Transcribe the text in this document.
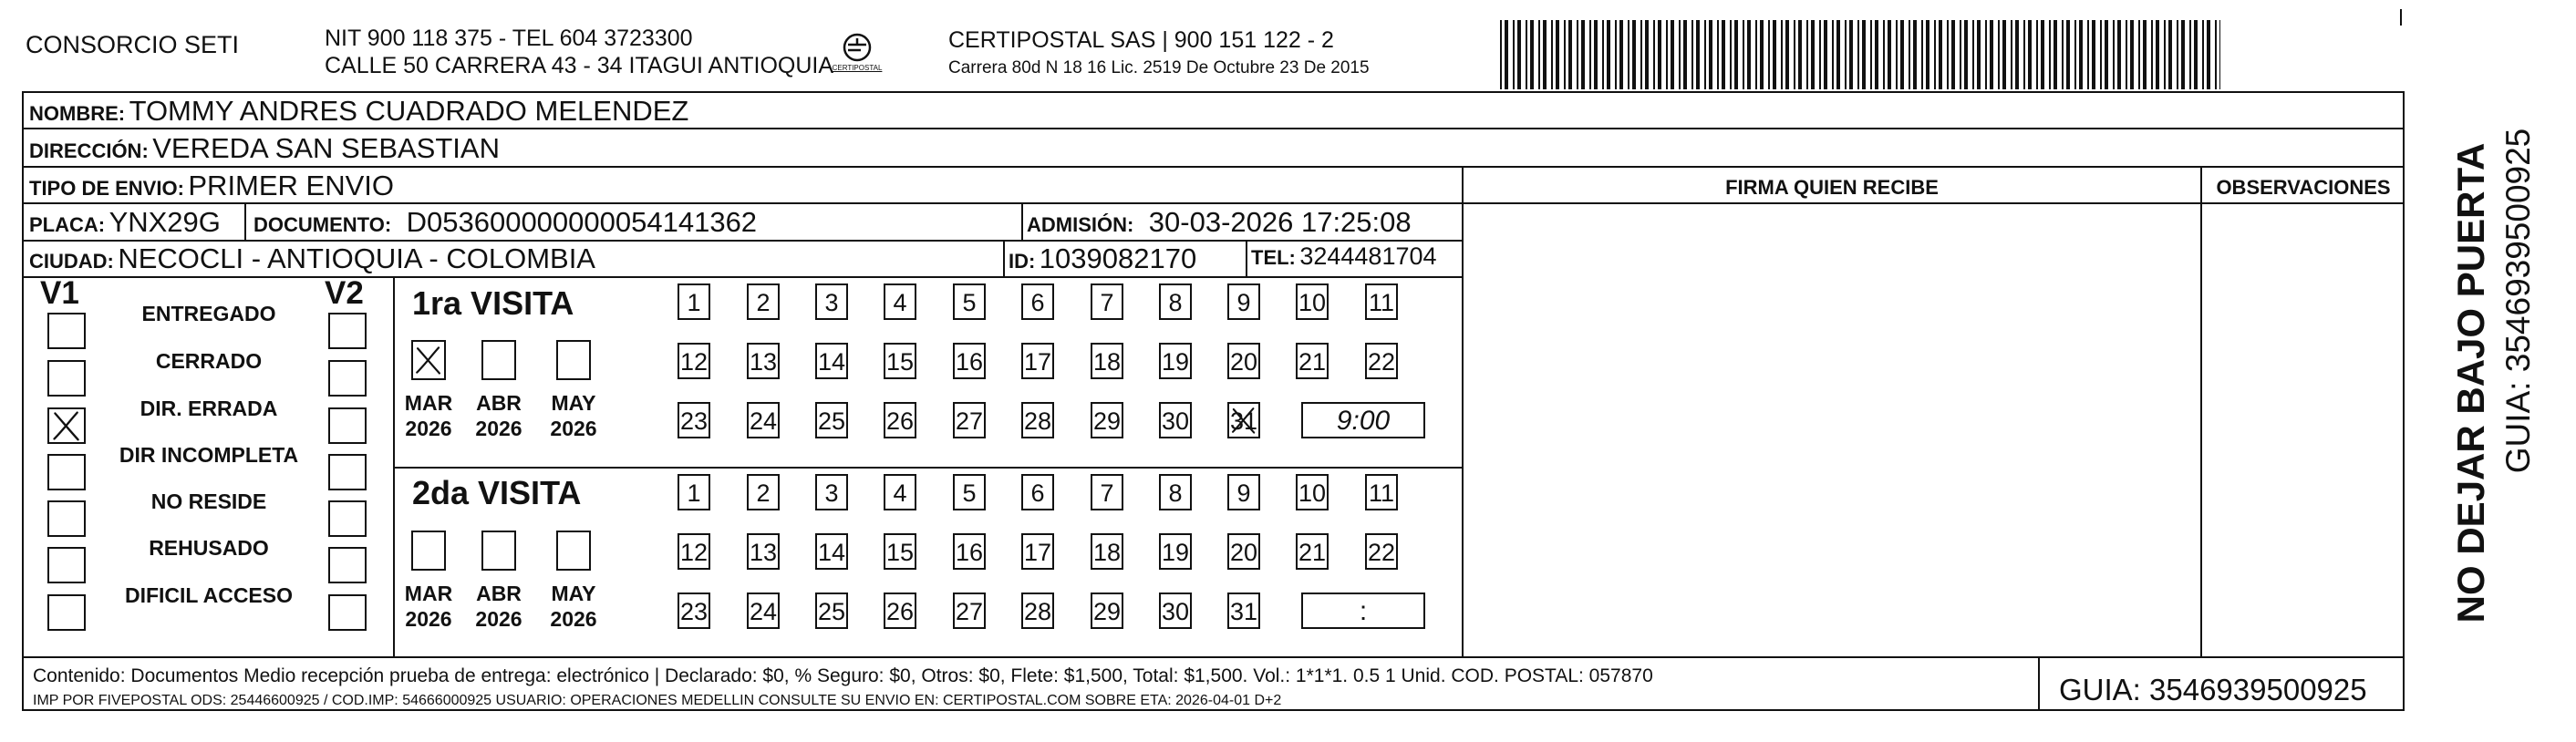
CONSORCIO SETI	NIT 900 118 375 - TEL 604 3723300
CALLE 50 CARRERA 43 - 34 ITAGUI ANTIOQUIA
CERTIPOSTAL
CERTIPOSTAL SAS | 900 151 122 - 2
Carrera 80d N 18 16 Lic. 2519 De Octubre 23 De 2015
NOMBRE: TOMMY ANDRES CUADRADO MELENDEZ
DIRECCIÓN: VEREDA SAN SEBASTIAN
TIPO DE ENVIO: PRIMER ENVIO
PLACA: YNX29G DOCUMENTO: D053600000000054141362	ADMISIÓN: 30-03-2026 17:25:08
CIUDAD: NECOCLI - ANTIOQUIA - COLOMBIA	ID: 1039082170	TEL: 3244481704
FIRMA QUIEN RECIBE	OBSERVACIONES
V1	V2
ENTREGADO
CERRADO
DIR. ERRADA
DIR INCOMPLETA
NO RESIDE
REHUSADO
DIFICIL ACCESO
1ra VISITA
2da VISITA
MAR
2026
ABR
2026
MAY
2026
1	2	3	4	5	6	7	8	9	10 11
12 13 14 15 16 17 18 19 20 21 22
23 24 25 26 27 28 29 30 31	9:00
MAR
2026
ABR
2026
MAY
2026
1	2	3	4	5	6	7	8	9	10 11
12 13 14 15 16 17 18 19 20 21 22
23 24 25 26 27 28 29 30 31	:
Contenido: Documentos Medio recepción prueba de entrega: electrónico | Declarado: $0, % Seguro: $0, Otros: $0, Flete: $1,500, Total: $1,500. Vol.: 1*1*1. 0.5 1 Unid. COD. POSTAL: 057870
IMP POR FIVEPOSTAL ODS: 25446600925 / COD.IMP: 54666000925 USUARIO: OPERACIONES MEDELLIN CONSULTE SU ENVIO EN: CERTIPOSTAL.COM SOBRE ETA: 2026-04-01 D+2	GUIA: 3546939500925
NO DEJAR BAJO PUERTA GUIA: 3546939500925
